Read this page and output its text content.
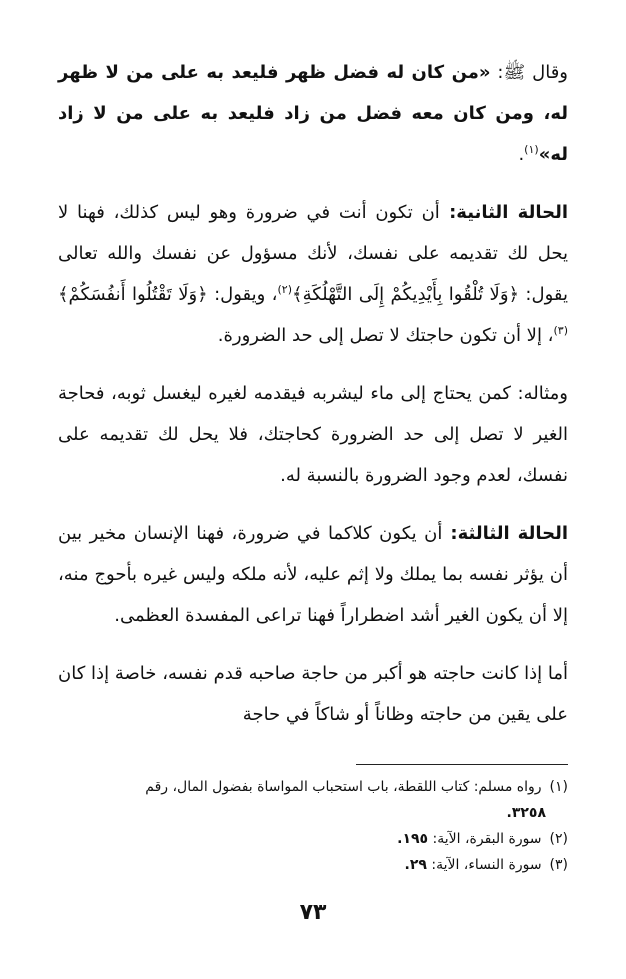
وقال ﷺ: «من كان له فضل ظهر فليعد به على من لا ظهر له، ومن كان معه فضل من زاد فليعد به على من لا زاد له»$^{(١)}$.

الحالة الثانية: أن تكون أنت في ضرورة وهو ليس كذلك، فهنا لا يحل لك تقديمه على نفسك، لأنك مسؤول عن نفسك والله تعالى يقول: ﴿وَلَا تُلْقُوا بِأَيْدِيكُمْ إِلَى التَّهْلُكَةِ﴾$^{(٢)}$، ويقول: ﴿وَلَا تَقْتُلُوا أَنفُسَكُمْ﴾$^{(٣)}$، إلا أن تكون حاجتك لا تصل إلى حد الضرورة.

ومثاله: كمن يحتاج إلى ماء ليشربه فيقدمه لغيره ليغسل ثوبه، فحاجة الغير لا تصل إلى حد الضرورة كحاجتك، فلا يحل لك تقديمه على نفسك، لعدم وجود الضرورة بالنسبة له.

الحالة الثالثة: أن يكون كلاكما في ضرورة، فهنا الإنسان مخير بين أن يؤثر نفسه بما يملك ولا إثم عليه، لأنه ملكه وليس غيره بأحوج منه، إلا أن يكون الغير أشد اضطراراً فهنا تراعى المفسدة العظمى.

أما إذا كانت حاجته هو أكبر من حاجة صاحبه قدم نفسه، خاصة إذا كان على يقين من حاجته وظاناً أو شاكاً في حاجة

(١) رواه مسلم: كتاب اللقطة، باب استحباب المواساة بفضول المال، رقم

٣٢٥٨.

(٢) سورة البقرة، الآية: ١٩٥.

(٣) سورة النساء، الآية: ٢٩.

٧٣
